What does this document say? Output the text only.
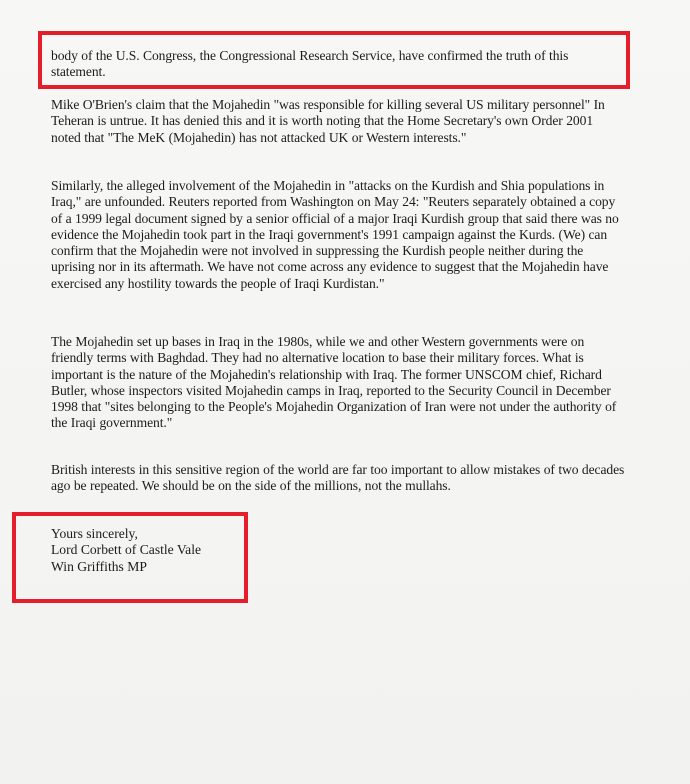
body of the U.S. Congress, the Congressional Research Service, have confirmed the truth of this statement.

Mike O'Brien's claim that the Mojahedin "was responsible for killing several US military personnel" In Teheran is untrue. It has denied this and it is worth noting that the Home Secretary's own Order 2001 noted that "The MeK (Mojahedin) has not attacked UK or Western interests."

Similarly, the alleged involvement of the Mojahedin in "attacks on the Kurdish and Shia populations in Iraq," are unfounded. Reuters reported from Washington on May 24: "Reuters separately obtained a copy of a 1999 legal document signed by a senior official of a major Iraqi Kurdish group that said there was no evidence the Mojahedin took part in the Iraqi government's 1991 campaign against the Kurds. (We) can confirm that the Mojahedin were not involved in suppressing the Kurdish people neither during the uprising nor in its aftermath. We have not come across any evidence to suggest that the Mojahedin have exercised any hostility towards the people of Iraqi Kurdistan."

The Mojahedin set up bases in Iraq in the 1980s, while we and other Western governments were on friendly terms with Baghdad. They had no alternative location to base their military forces. What is important is the nature of the Mojahedin's relationship with Iraq. The former UNSCOM chief, Richard Butler, whose inspectors visited Mojahedin camps in Iraq, reported to the Security Council in December 1998 that "sites belonging to the People's Mojahedin Organization of Iran were not under the authority of the Iraqi government."

British interests in this sensitive region of the world are far too important to allow mistakes of two decades ago be repeated. We should be on the side of the millions, not the mullahs.

Yours sincerely,
Lord Corbett of Castle Vale
Win Griffiths MP
